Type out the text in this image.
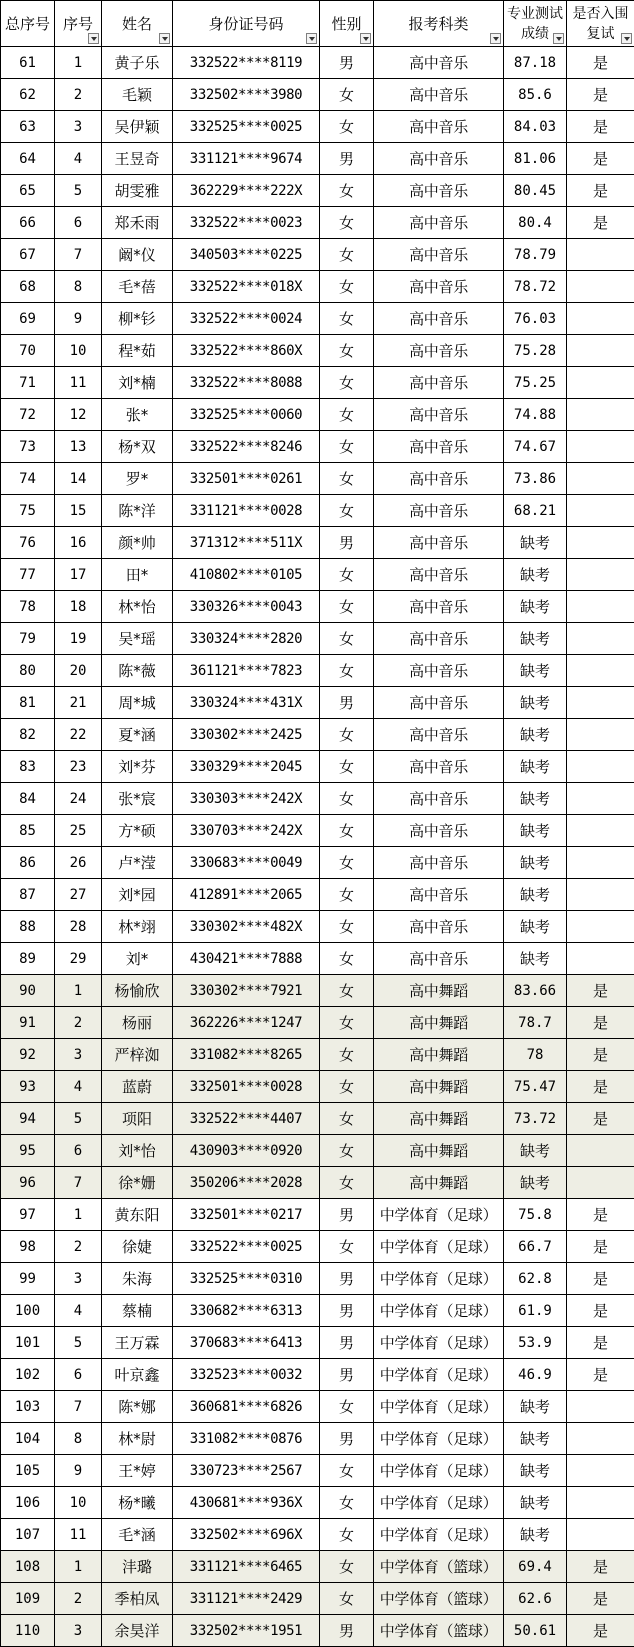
总序号	序号	姓名	身份证号码	性别	报考科类	专业测试成绩	是否入围复试

61	1	黄子乐	332522****8119	男	高中音乐	87.18	是
62	2	毛颖	332502****3980	女	高中音乐	85.6	是
63	3	吴伊颖	332525****0025	女	高中音乐	84.03	是
64	4	王昱奇	331121****9674	男	高中音乐	81.06	是
65	5	胡雯雅	362229****222X	女	高中音乐	80.45	是
66	6	郑禾雨	332522****0023	女	高中音乐	80.4	是
67	7	阚*仪	340503****0225	女	高中音乐	78.79	
68	8	毛*蓓	332522****018X	女	高中音乐	78.72	
69	9	柳*钐	332522****0024	女	高中音乐	76.03	
70	10	程*茹	332522****860X	女	高中音乐	75.28	
71	11	刘*楠	332522****8088	女	高中音乐	75.25	
72	12	张*	332525****0060	女	高中音乐	74.88	
73	13	杨*双	332522****8246	女	高中音乐	74.67	
74	14	罗*	332501****0261	女	高中音乐	73.86	
75	15	陈*洋	331121****0028	女	高中音乐	68.21	
76	16	颜*帅	371312****511X	男	高中音乐	缺考	
77	17	田*	410802****0105	女	高中音乐	缺考	
78	18	林*怡	330326****0043	女	高中音乐	缺考	
79	19	吴*瑶	330324****2820	女	高中音乐	缺考	
80	20	陈*薇	361121****7823	女	高中音乐	缺考	
81	21	周*城	330324****431X	男	高中音乐	缺考	
82	22	夏*涵	330302****2425	女	高中音乐	缺考	
83	23	刘*芬	330329****2045	女	高中音乐	缺考	
84	24	张*宸	330303****242X	女	高中音乐	缺考	
85	25	方*硕	330703****242X	女	高中音乐	缺考	
86	26	卢*滢	330683****0049	女	高中音乐	缺考	
87	27	刘*园	412891****2065	女	高中音乐	缺考	
88	28	林*翊	330302****482X	女	高中音乐	缺考	
89	29	刘*	430421****7888	女	高中音乐	缺考	
90	1	杨愉欣	330302****7921	女	高中舞蹈	83.66	是
91	2	杨丽	362226****1247	女	高中舞蹈	78.7	是
92	3	严梓洳	331082****8265	女	高中舞蹈	78	是
93	4	蓝蔚	332501****0028	女	高中舞蹈	75.47	是
94	5	项阳	332522****4407	女	高中舞蹈	73.72	是
95	6	刘*怡	430903****0920	女	高中舞蹈	缺考	
96	7	徐*姗	350206****2028	女	高中舞蹈	缺考	
97	1	黄东阳	332501****0217	男	中学体育（足球）	75.8	是
98	2	徐婕	332522****0025	女	中学体育（足球）	66.7	是
99	3	朱海	332525****0310	男	中学体育（足球）	62.8	是
100	4	蔡楠	330682****6313	男	中学体育（足球）	61.9	是
101	5	王万霖	370683****6413	男	中学体育（足球）	53.9	是
102	6	叶京鑫	332523****0032	男	中学体育（足球）	46.9	是
103	7	陈*娜	360681****6826	女	中学体育（足球）	缺考	
104	8	林*尉	331082****0876	男	中学体育（足球）	缺考	
105	9	王*婷	330723****2567	女	中学体育（足球）	缺考	
106	10	杨*曦	430681****936X	女	中学体育（足球）	缺考	
107	11	毛*涵	332502****696X	女	中学体育（足球）	缺考	
108	1	沣璐	331121****6465	女	中学体育（篮球）	69.4	是
109	2	季柏凤	331121****2429	女	中学体育（篮球）	62.6	是
110	3	余昊洋	332502****1951	男	中学体育（篮球）	50.61	是
